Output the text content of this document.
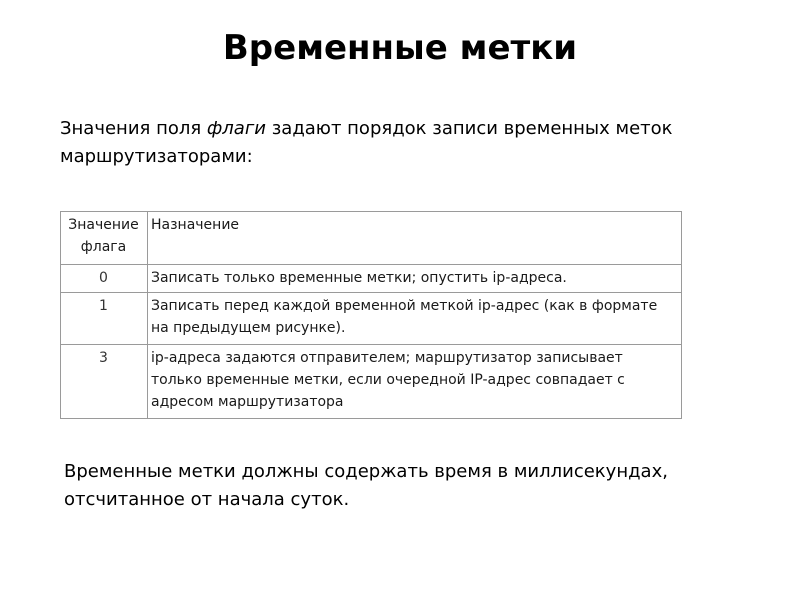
Временные метки

Значения поля флаги задают порядок записи временных меток маршрутизаторами:

Значение флага	Назначение
0	Записать только временные метки; опустить ip-адреса.
1	Записать перед каждой временной меткой ip-адрес (как в формате на предыдущем рисунке).
3	ip-адреса задаются отправителем; маршрутизатор записывает только временные метки, если очередной IP-адрес совпадает с адресом маршрутизатора

Временные метки должны содержать время в миллисекундах, отсчитанное от начала суток.
